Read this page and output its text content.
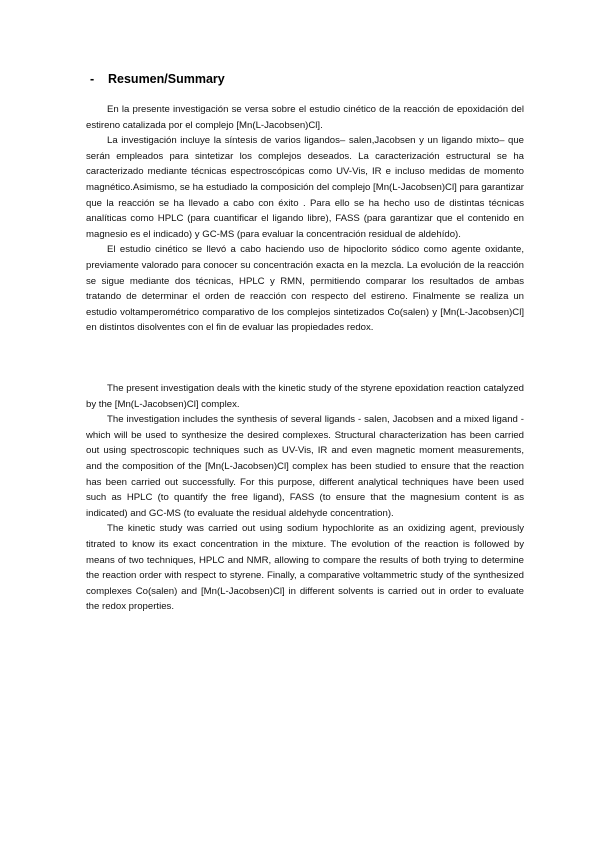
- Resumen/Summary

En la presente investigación se versa sobre el estudio cinético de la reacción de epoxidación del estireno catalizada por el complejo [Mn(L-Jacobsen)Cl].

La investigación incluye la síntesis de varios ligandos– salen,Jacobsen y un ligando mixto– que serán empleados para sintetizar los complejos deseados. La caracterización estructural se ha caracterizado mediante técnicas espectroscópicas como UV-Vis, IR e incluso medidas de momento magnético.Asimismo, se ha estudiado la composición del complejo [Mn(L-Jacobsen)Cl] para garantizar que la reacción se ha llevado a cabo con éxito . Para ello se ha hecho uso de distintas técnicas analíticas como HPLC (para cuantificar el ligando libre), FASS (para garantizar que el contenido en magnesio es el indicado) y GC-MS (para evaluar la concentración residual de aldehído).

El estudio cinético se llevó a cabo haciendo uso de hipoclorito sódico como agente oxidante, previamente valorado para conocer su concentración exacta en la mezcla. La evolución de la reacción se sigue mediante dos técnicas, HPLC y RMN, permitiendo comparar los resultados de ambas tratando de determinar el orden de reacción con respecto del estireno. Finalmente se realiza un estudio voltamperométrico comparativo de los complejos sintetizados Co(salen) y [Mn(L-Jacobsen)Cl] en distintos disolventes con el fin de evaluar las propiedades redox.

The present investigation deals with the kinetic study of the styrene epoxidation reaction catalyzed by the [Mn(L-Jacobsen)Cl] complex.

The investigation includes the synthesis of several ligands - salen, Jacobsen and a mixed ligand - which will be used to synthesize the desired complexes. Structural characterization has been carried out using spectroscopic techniques such as UV-Vis, IR and even magnetic moment measurements, and the composition of the [Mn(L-Jacobsen)Cl] complex has been studied to ensure that the reaction has been carried out successfully. For this purpose, different analytical techniques have been used such as HPLC (to quantify the free ligand), FASS (to ensure that the magnesium content is as indicated) and GC-MS (to evaluate the residual aldehyde concentration).

The kinetic study was carried out using sodium hypochlorite as an oxidizing agent, previously titrated to know its exact concentration in the mixture. The evolution of the reaction is followed by means of two techniques, HPLC and NMR, allowing to compare the results of both trying to determine the reaction order with respect to styrene. Finally, a comparative voltammetric study of the synthesized complexes Co(salen) and [Mn(L-Jacobsen)Cl] in different solvents is carried out in order to evaluate the redox properties.
